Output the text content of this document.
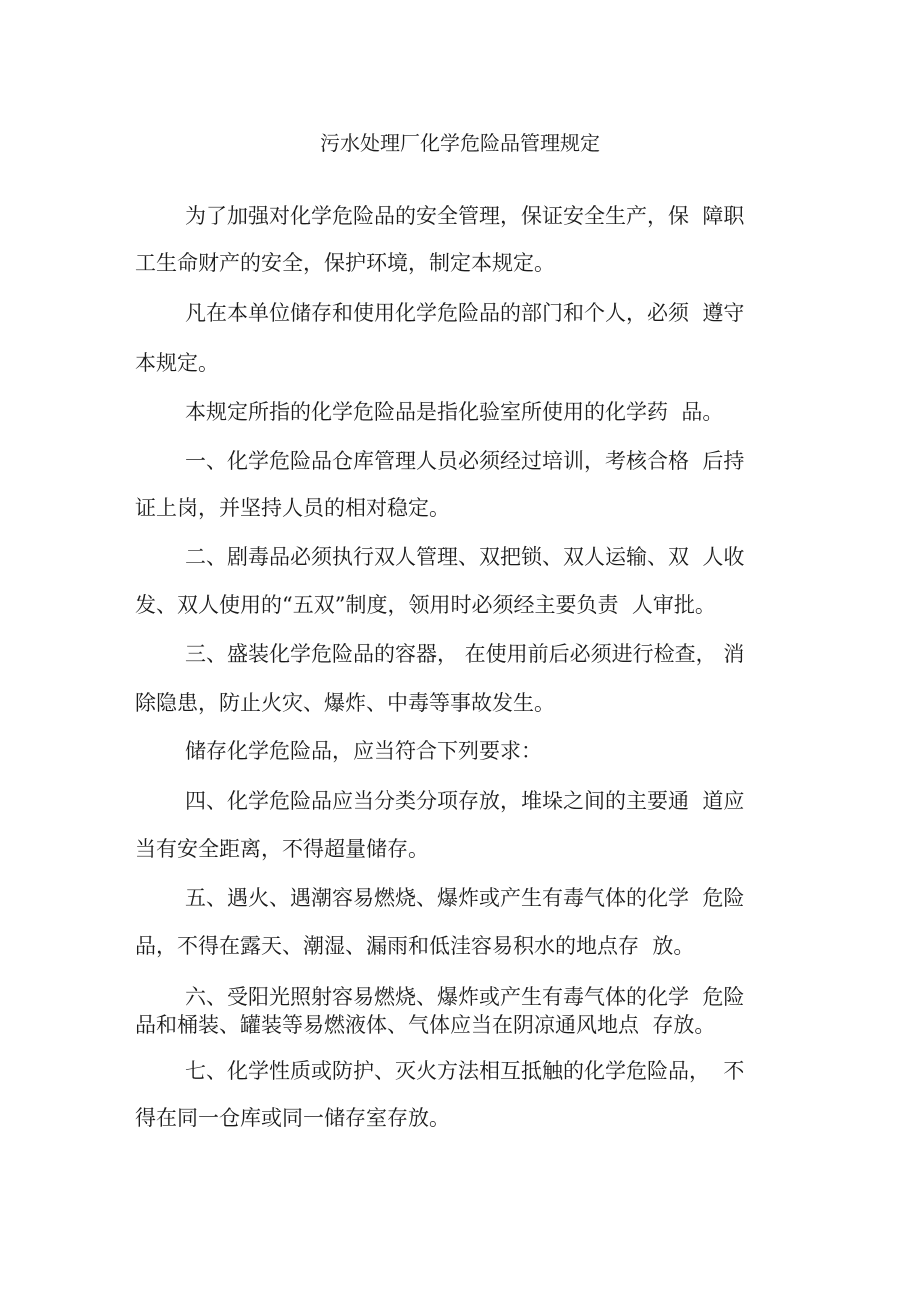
污水处理厂化学危险品管理规定
为了加强对化学危险品的安全管理，保证安全生产，保  障职
工生命财产的安全，保护环境，制定本规定。
凡在本单位储存和使用化学危险品的部门和个人，必须  遵守
本规定。
本规定所指的化学危险品是指化验室所使用的化学药  品。
一、化学危险品仓库管理人员必须经过培训，考核合格  后持
证上岗，并坚持人员的相对稳定。
二、剧毒品必须执行双人管理、双把锁、双人运输、双  人收
发、双人使用的“五双”制度，领用时必须经主要负责  人审批。
三、盛装化学危险品的容器， 在使用前后必须进行检查， 消
除隐患，防止火灾、爆炸、中毒等事故发生。
储存化学危险品，应当符合下列要求：
四、化学危险品应当分类分项存放，堆垛之间的主要通  道应
当有安全距离，不得超量储存。
五、遇火、遇潮容易燃烧、爆炸或产生有毒气体的化学  危险
品，不得在露天、潮湿、漏雨和低洼容易积水的地点存  放。
六、受阳光照射容易燃烧、爆炸或产生有毒气体的化学  危险
品和桶装、罐装等易燃液体、气体应当在阴凉通风地点  存放。
七、化学性质或防护、灭火方法相互抵触的化学危险品，  不
得在同一仓库或同一储存室存放。
